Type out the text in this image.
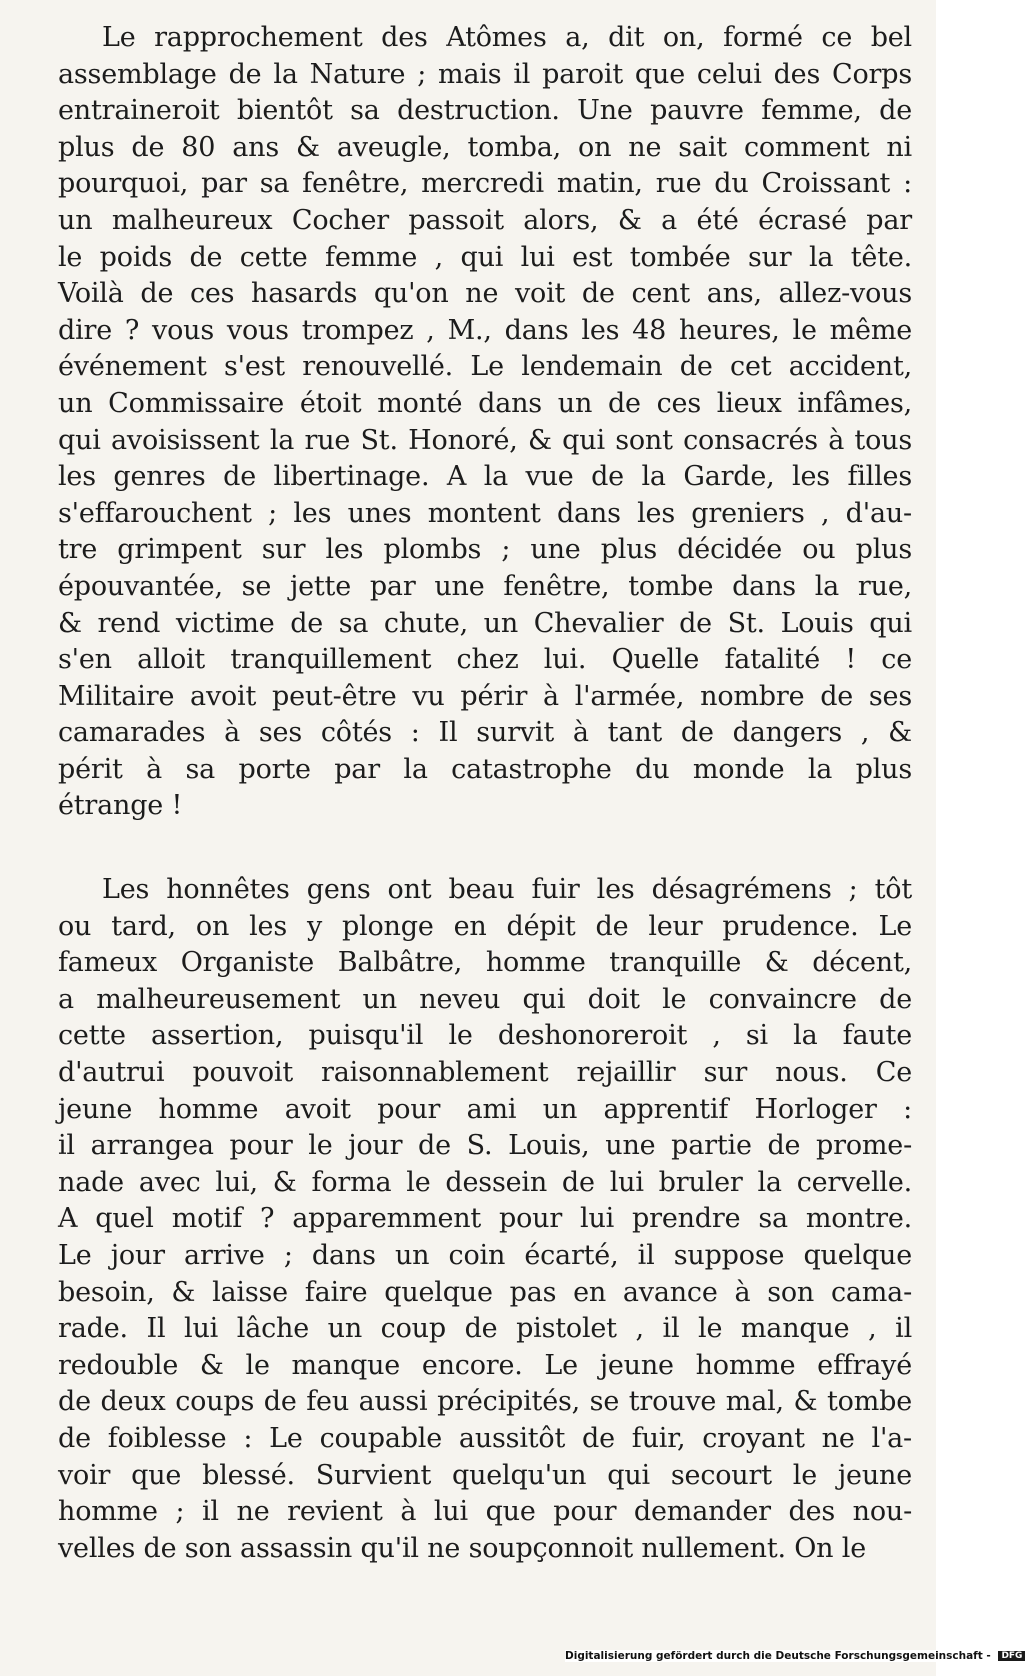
Le rapprochement des Atômes a, dit on, formé ce bel
assemblage de la Nature ; mais il paroit que celui des Corps
entraineroit bientôt sa destruction. Une pauvre femme, de
plus de 80 ans & aveugle, tomba, on ne sait comment ni
pourquoi, par sa fenêtre, mercredi matin, rue du Croissant :
un malheureux Cocher passoit alors, & a été écrasé par
le poids de cette femme , qui lui est tombée sur la tête.
Voilà de ces hasards qu'on ne voit de cent ans, allez-vous
dire ? vous vous trompez , M., dans les 48 heures, le même
événement s'est renouvellé. Le lendemain de cet accident,
un Commissaire étoit monté dans un de ces lieux infâmes,
qui avoisissent la rue St. Honoré, & qui sont consacrés à tous
les genres de libertinage. A la vue de la Garde, les filles
s'effarouchent ; les unes montent dans les greniers , d'au-
tre grimpent sur les plombs ; une plus décidée ou plus
épouvantée, se jette par une fenêtre, tombe dans la rue,
& rend victime de sa chute, un Chevalier de St. Louis qui
s'en alloit tranquillement chez lui. Quelle fatalité ! ce
Militaire avoit peut-être vu périr à l'armée, nombre de ses
camarades à ses côtés : Il survit à tant de dangers , &
périt à sa porte par la catastrophe du monde la plus
étrange !
Les honnêtes gens ont beau fuir les désagrémens ; tôt
ou tard, on les y plonge en dépit de leur prudence. Le
fameux Organiste Balbâtre, homme tranquille & décent,
a malheureusement un neveu qui doit le convaincre de
cette assertion, puisqu'il le deshonoreroit , si la faute
d'autrui pouvoit raisonnablement rejaillir sur nous. Ce
jeune homme avoit pour ami un apprentif Horloger :
il arrangea pour le jour de S. Louis, une partie de prome-
nade avec lui, & forma le dessein de lui bruler la cervelle.
A quel motif ? apparemment pour lui prendre sa montre.
Le jour arrive ; dans un coin écarté, il suppose quelque
besoin, & laisse faire quelque pas en avance à son cama-
rade. Il lui lâche un coup de pistolet , il le manque , il
redouble & le manque encore. Le jeune homme effrayé
de deux coups de feu aussi précipités, se trouve mal, & tombe
de foiblesse : Le coupable aussitôt de fuir, croyant ne l'a-
voir que blessé. Survient quelqu'un qui secourt le jeune
homme ; il ne revient à lui que pour demander des nou-
velles de son assassin qu'il ne soupçonnoit nullement. On le
Digitalisierung gefördert durch die Deutsche Forschungsgemeinschaft - DFG
